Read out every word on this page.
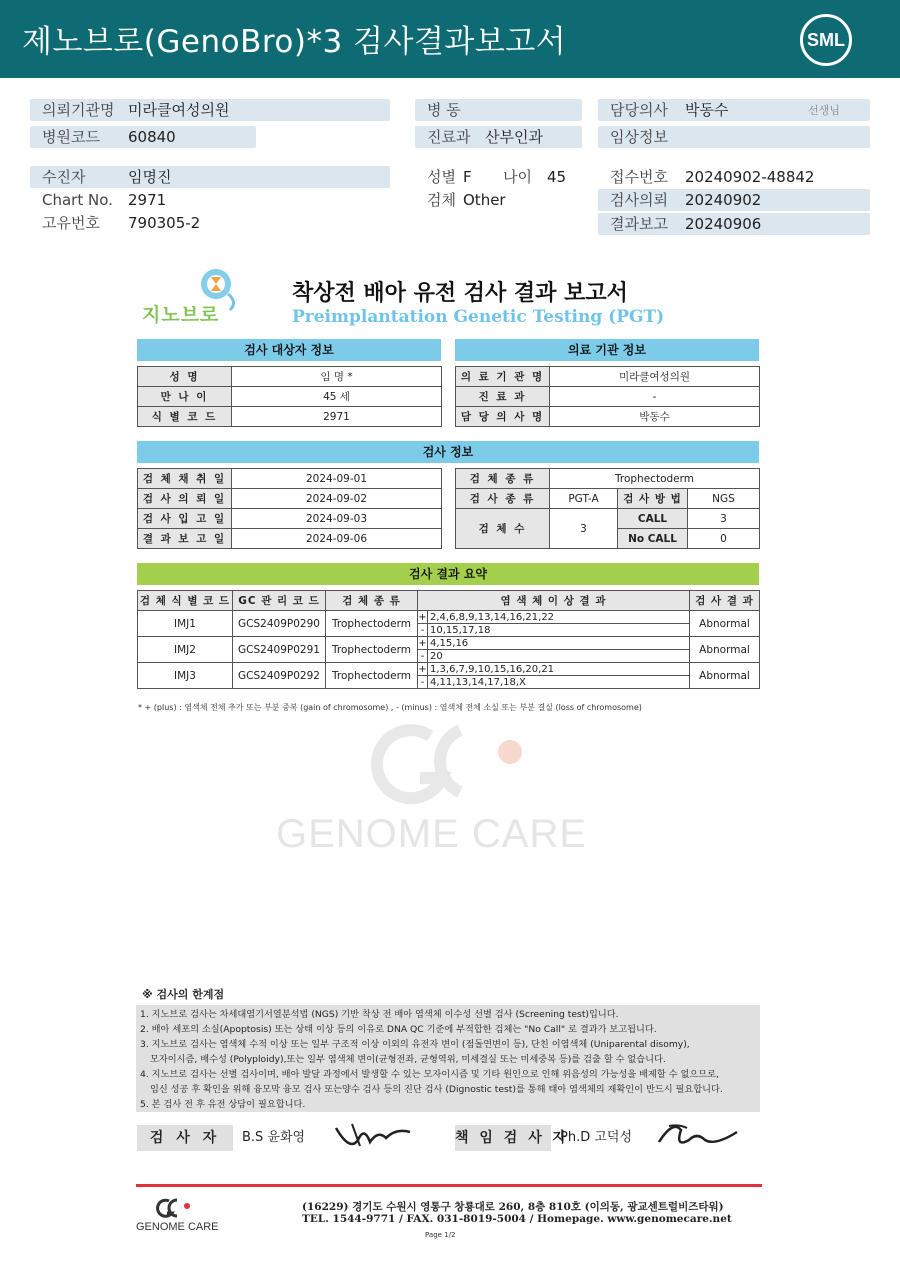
제노브로(GenoBro)*3 검사결과보고서	SML
의뢰기관명 미라클여성의원
병원코드 60840
수진자	임명진
Chart No. 2971
고유번호 790305-2
병 동
진료과 산부인과
성별 F 나이 45
검체 Other
담당의사 박동수	선생님
임상정보
접수번호 20240902-48842
검사의뢰 20240902
결과보고 20240906
지노브로
착상전 배아 유전 검사 결과 보고서
Preimplantation Genetic Testing (PGT)
검사 대상자 정보
성 명	임 명 *
만 나 이	45 세
식 별 코 드	2971
의료 기관 정보
의 료 기 관 명	미라클여성의원
진 료 과	-
담 당 의 사 명	박동수
검사 정보
검 체 채 취 일	2024-09-01
검 사 의 뢰 일	2024-09-02
검 사 입 고 일	2024-09-03
결 과 보 고 일	2024-09-06
검 체 종 류	Trophectoderm		
검 사 종 류	PGT-A	검 사 방 법	NGS
검 체 수	3	CALL	3
		No CALL	0
검사 결과 요약
검 체 식 별 코 드	GC 관 리 코 드	검 체 종 류	염 색 체 이 상 결 과		검 사 결 과
IMJ1	GCS2409P0290	Trophectoderm	+	2,4,6,8,9,13,14,16,21,22	Abnormal
			-	10,15,17,18	
IMJ2	GCS2409P0291	Trophectoderm	+	4,15,16	Abnormal
			-	20	
IMJ3	GCS2409P0292	Trophectoderm	+	1,3,6,7,9,10,15,16,20,21	Abnormal
			-	4,11,13,14,17,18,X	
* + (plus) : 염색체 전체 추가 또는 부분 중복 (gain of chromosome) , - (minus) : 염색체 전체 소실 또는 부분 결실 (loss of chromosome)
GENOME CARE
※ 검사의 한계점
1. 지노브로 검사는 차세대염기서열분석법 (NGS) 기반 착상 전 배아 염색체 이수성 선별 검사 (Screening test)입니다.
2. 배아 세포의 소실(Apoptosis) 또는 상태 이상 등의 이유로 DNA QC 기준에 부적합한 검체는 "No Call" 로 결과가 보고됩니다.
3. 지노브로 검사는 염색체 수적 이상 또는 일부 구조적 이상 이외의 유전자 변이 (점돌연변이 등), 단친 이염색체 (Uniparental disomy),
모자이시즘, 배수성 (Polyploidy),또는 일부 염색체 변이(균형전좌, 균형역위, 미세결실 또는 미세중복 등)를 검출 할 수 없습니다.
4. 지노브로 검사는 선별 검사이며, 배아 발달 과정에서 발생할 수 있는 모자이시즘 및 기타 원인으로 인해 위음성의 가능성을 배제할 수 없으므로,
임신 성공 후 확인을 위해 융모막 융모 검사 또는양수 검사 등의 진단 검사 (Dignostic test)를 통해 태아 염색체의 재확인이 반드시 필요합니다.
5. 본 검사 전 후 유전 상담이 필요합니다.
검 사 자	B.S 윤화영	책 임 검 사 자
Ph.D 고덕성
GENOME CARE
(16229) 경기도 수원시 영통구 창룡대로 260, 8층 810호 (이의동, 광교센트럴비즈타워)
TEL. 1544-9771 / FAX. 031-8019-5004 / Homepage. www.genomecare.net
Page 1/2
